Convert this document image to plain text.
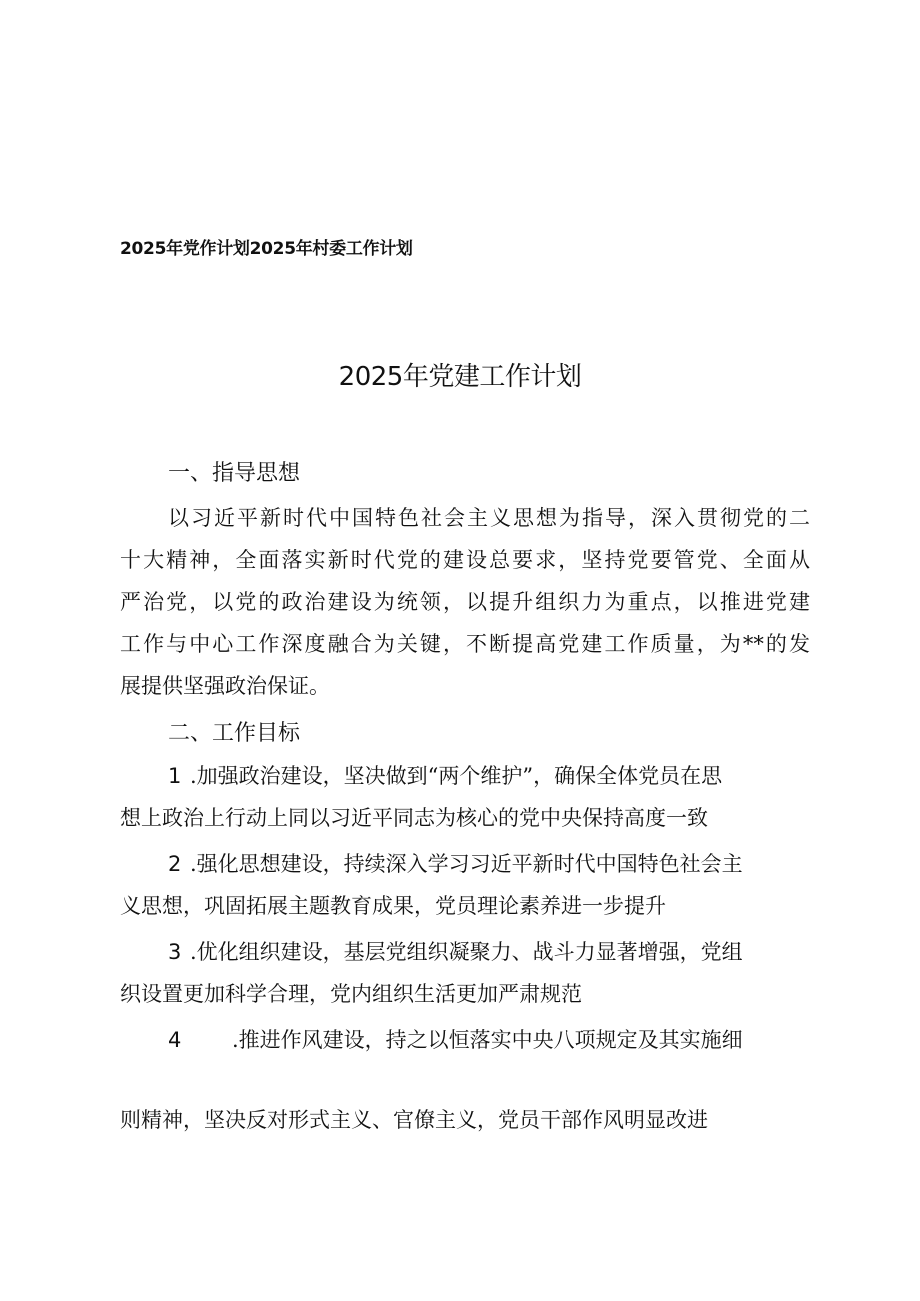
2025年党作计划2025年村委工作计划
2025年党建工作计划
一、指导思想
以习近平新时代中国特色社会主义思想为指导，深入贯彻党的二
十大精神，全面落实新时代党的建设总要求，坚持党要管党、全面从
严治党，以党的政治建设为统领，以提升组织力为重点，以推进党建
工作与中心工作深度融合为关键，不断提高党建工作质量，为**的发
展提供坚强政治保证。
二、工作目标
1 .加强政治建设，坚决做到“两个维护”，确保全体党员在思
想上政治上行动上同以习近平同志为核心的党中央保持高度一致
2 .强化思想建设，持续深入学习习近平新时代中国特色社会主
义思想，巩固拓展主题教育成果，党员理论素养进一步提升
3 .优化组织建设，基层党组织凝聚力、战斗力显著增强，党组
织设置更加科学合理，党内组织生活更加严肃规范
4 .推进作风建设，持之以恒落实中央八项规定及其实施细
则精神，坚决反对形式主义、官僚主义，党员干部作风明显改进
